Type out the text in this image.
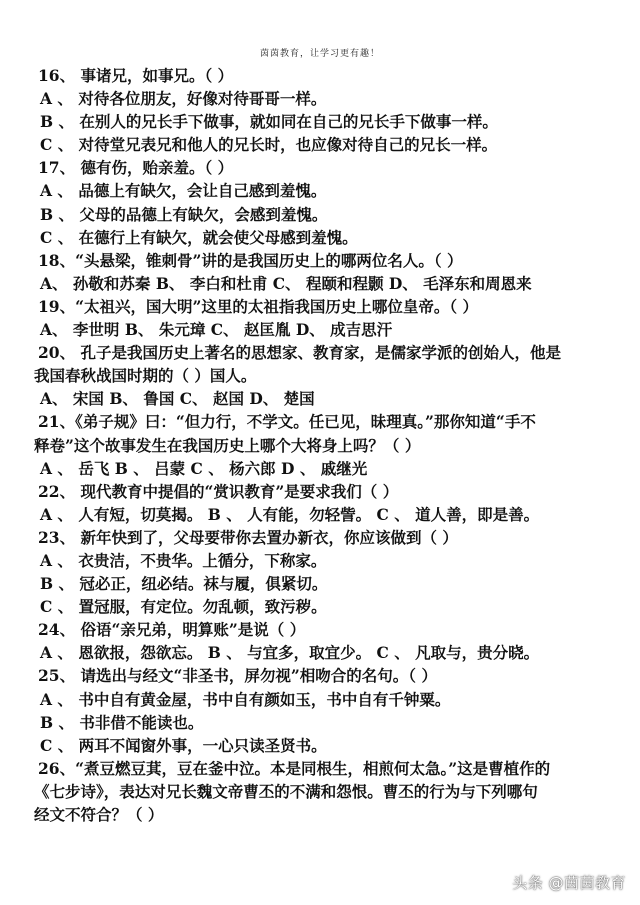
茵茵教育，让学习更有趣！
16、 事诸兄，如事兄。（ ）
A 、 对待各位朋友，好像对待哥哥一样。
B 、 在别人的兄长手下做事，就如同在自己的兄长手下做事一样。
C 、 对待堂兄表兄和他人的兄长时，也应像对待自己的兄长一样。
17、 德有伤，贻亲羞。（ ）
A 、 品德上有缺欠，会让自己感到羞愧。
B 、 父母的品德上有缺欠，会感到羞愧。
C 、 在德行上有缺欠，就会使父母感到羞愧。
18、“头悬梁，锥刺骨”讲的是我国历史上的哪两位名人。（ ）
A、 孙敬和苏秦 B、 李白和杜甫 C、 程颐和程颢 D、 毛泽东和周恩来
19、“太祖兴，国大明”这里的太祖指我国历史上哪位皇帝。（ ）
A、 李世明 B、 朱元璋 C、 赵匡胤 D、 成吉思汗
20、 孔子是我国历史上著名的思想家、教育家，是儒家学派的创始人，他是
我国春秋战国时期的（ ）国人。
A、 宋国 B、 鲁国 C、 赵国 D、 楚国
21、《弟子规》曰：“但力行，不学文。任已见，昧理真。”那你知道“手不
释卷”这个故事发生在我国历史上哪个大将身上吗？（ ）
A 、 岳飞 B 、 吕蒙 C 、 杨六郎 D 、 戚继光
22、 现代教育中提倡的“赏识教育”是要求我们（ ）
A 、 人有短，切莫揭。 B 、 人有能，勿轻訾。 C 、 道人善，即是善。
23、 新年快到了，父母要带你去置办新衣，你应该做到（ ）
A 、 衣贵洁，不贵华。上循分，下称家。
B 、 冠必正，纽必结。袜与履，俱紧切。
C 、 置冠服，有定位。勿乱顿，致污秽。
24、 俗语“亲兄弟，明算账”是说（ ）
A 、 恩欲报，怨欲忘。 B 、 与宜多，取宜少。 C 、 凡取与，贵分晓。
25、 请选出与经文“非圣书，屏勿视”相吻合的名句。（ ）
A 、 书中自有黄金屋，书中自有颜如玉，书中自有千钟粟。
B 、 书非借不能读也。
C 、 两耳不闻窗外事，一心只读圣贤书。
26、“煮豆燃豆萁，豆在釜中泣。本是同根生，相煎何太急。”这是曹植作的
《七步诗》，表达对兄长魏文帝曹丕的不满和怨恨。曹丕的行为与下列哪句
经文不符合？（ ）
头条 @茵茵教育
